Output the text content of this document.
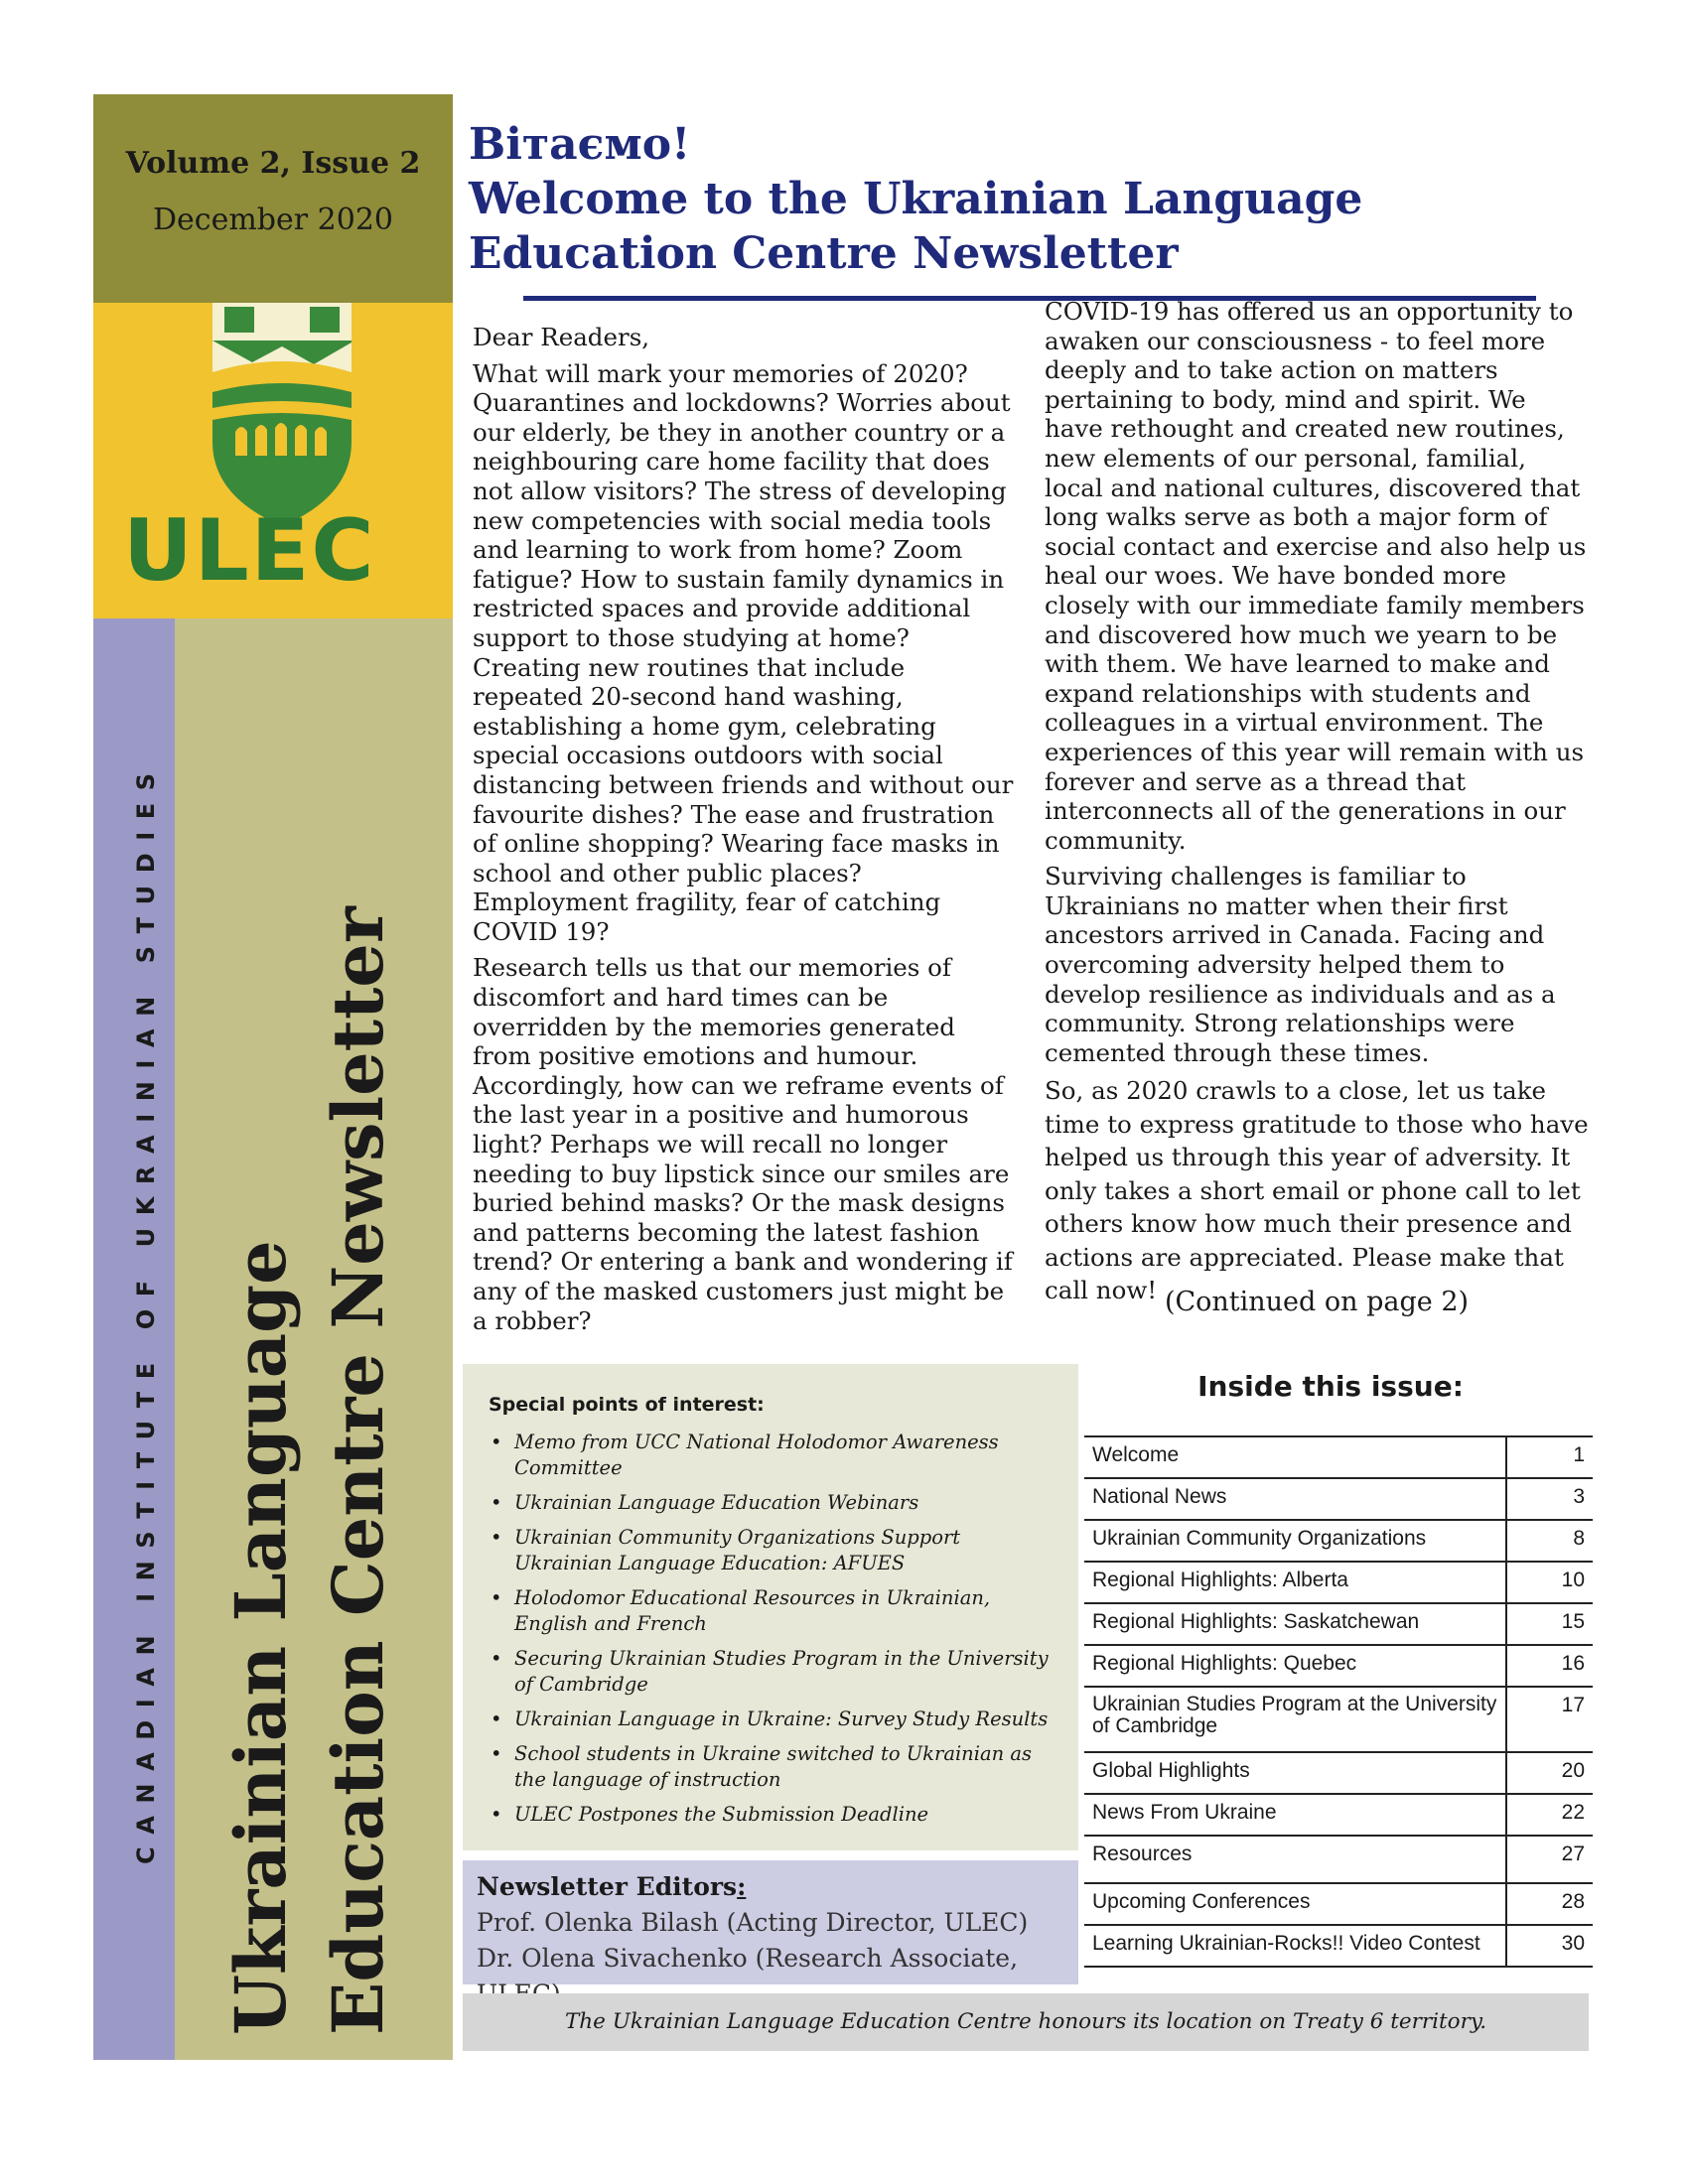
Volume 2, Issue 2
December 2020
ULEC
CANADIAN INSTITUTE OF UKRAINIAN STUDIES Ukrainian Language Education Centre Newsletter
Вітаємо!
Welcome to the Ukrainian Language
Education Centre Newsletter

Dear Readers,

What will mark your memories of 2020? Quarantines and lockdowns? Worries about our elderly, be they in another country or a neighbouring care home facility that does not allow visitors? The stress of developing new competencies with social media tools and learning to work from home? Zoom fatigue? How to sustain family dynamics in restricted spaces and provide additional support to those studying at home? Creating new routines that include repeated 20-second hand washing, establishing a home gym, celebrating special occasions outdoors with social distancing between friends and without our favourite dishes? The ease and frustration of online shopping? Wearing face masks in school and other public places? Employment fragility, fear of catching COVID 19?

Research tells us that our memories of discomfort and hard times can be overridden by the memories generated from positive emotions and humour. Accordingly, how can we reframe events of the last year in a positive and humorous light? Perhaps we will recall no longer needing to buy lipstick since our smiles are buried behind masks? Or the mask designs and patterns becoming the latest fashion trend? Or entering a bank and wondering if any of the masked customers just might be a robber?

COVID-19 has offered us an opportunity to awaken our consciousness - to feel more deeply and to take action on matters pertaining to body, mind and spirit. We have rethought and created new routines, new elements of our personal, familial, local and national cultures, discovered that long walks serve as both a major form of social contact and exercise and also help us heal our woes. We have bonded more closely with our immediate family members and discovered how much we yearn to be with them. We have learned to make and expand relationships with students and colleagues in a virtual environment. The experiences of this year will remain with us forever and serve as a thread that interconnects all of the generations in our community.

Surviving challenges is familiar to Ukrainians no matter when their first ancestors arrived in Canada. Facing and overcoming adversity helped them to develop resilience as individuals and as a community. Strong relationships were cemented through these times.

So, as 2020 crawls to a close, let us take time to express gratitude to those who have helped us through this year of adversity. It only takes a short email or phone call to let others know how much their presence and actions are appreciated. Please make that call now! (Continued on page 2)
Special points of interest:
• Memo from UCC National Holodomor Awareness Committee
• Ukrainian Language Education Webinars
• Ukrainian Community Organizations Support Ukrainian Language Education: AFUES
• Holodomor Educational Resources in Ukrainian, English and French
• Securing Ukrainian Studies Program in the University of Cambridge
• Ukrainian Language in Ukraine: Survey Study Results
• School students in Ukraine switched to Ukrainian as the language of instruction
• ULEC Postpones the Submission Deadline
Newsletter Editors:
Prof. Olenka Bilash (Acting Director, ULEC)
Dr. Olena Sivachenko (Research Associate,
Inside this issue:
Welcome	1
National News	3
Ukrainian Community Organizations	8
Regional Highlights: Alberta	10
Regional Highlights: Saskatchewan	15
Regional Highlights: Quebec	16
Ukrainian Studies Program at the University of Cambridge	17
Global Highlights	20
News From Ukraine	22
Resources	27
Upcoming Conferences	28
Learning Ukrainian-Rocks!! Video Contest	30
The Ukrainian Language Education Centre honours its location on Treaty 6 territory.
